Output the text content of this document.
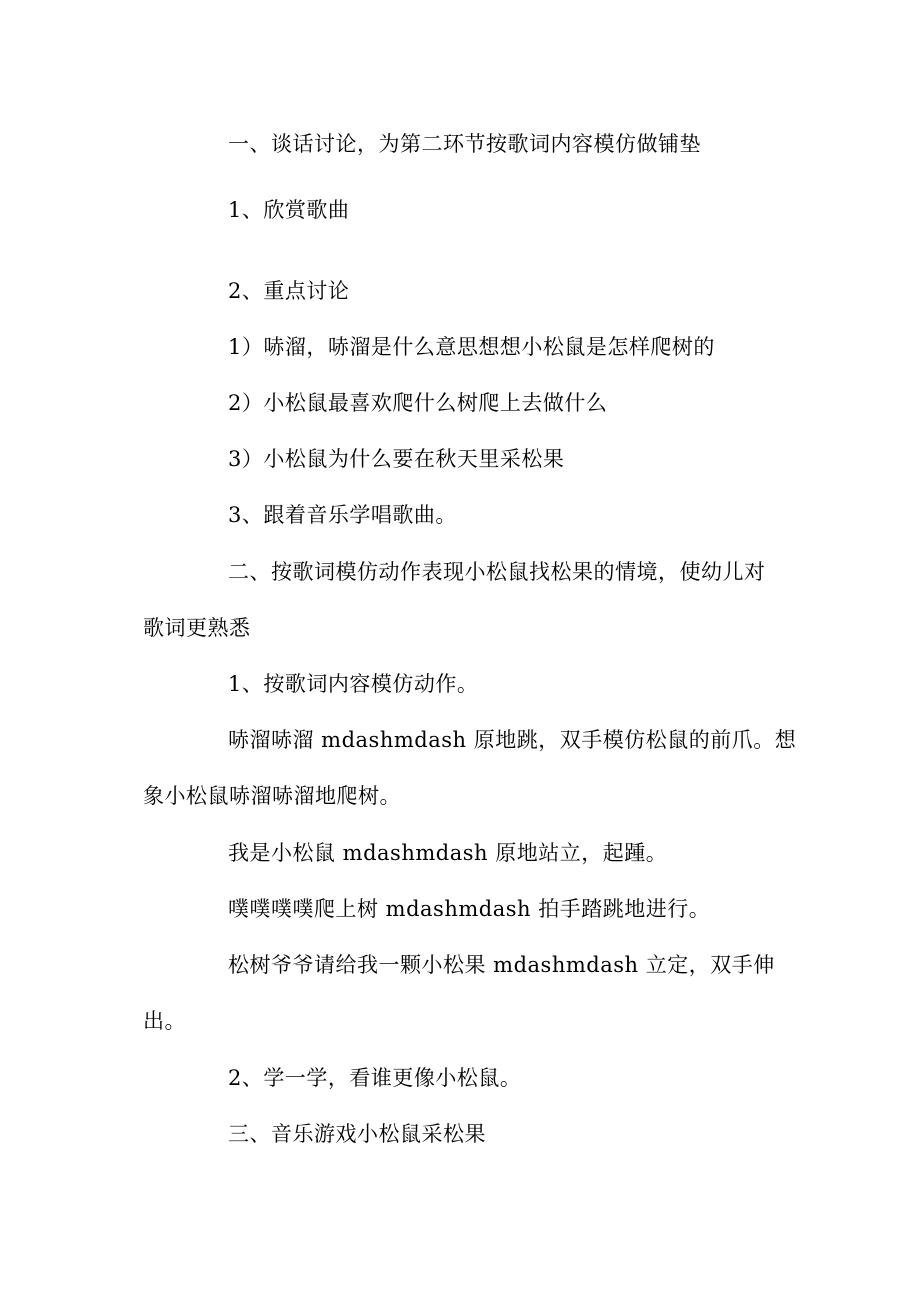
一、谈话讨论，为第二环节按歌词内容模仿做铺垫
1、欣赏歌曲
2、重点讨论
1）哧溜，哧溜是什么意思想想小松鼠是怎样爬树的
2）小松鼠最喜欢爬什么树爬上去做什么
3）小松鼠为什么要在秋天里采松果
3、跟着音乐学唱歌曲。
二、按歌词模仿动作表现小松鼠找松果的情境，使幼儿对
歌词更熟悉
1、按歌词内容模仿动作。
哧溜哧溜 mdashmdash 原地跳，双手模仿松鼠的前爪。想
象小松鼠哧溜哧溜地爬树。
我是小松鼠 mdashmdash 原地站立，起踵。
噗噗噗噗爬上树 mdashmdash 拍手踏跳地进行。
松树爷爷请给我一颗小松果 mdashmdash 立定，双手伸
出。
2、学一学，看谁更像小松鼠。
三、音乐游戏小松鼠采松果
